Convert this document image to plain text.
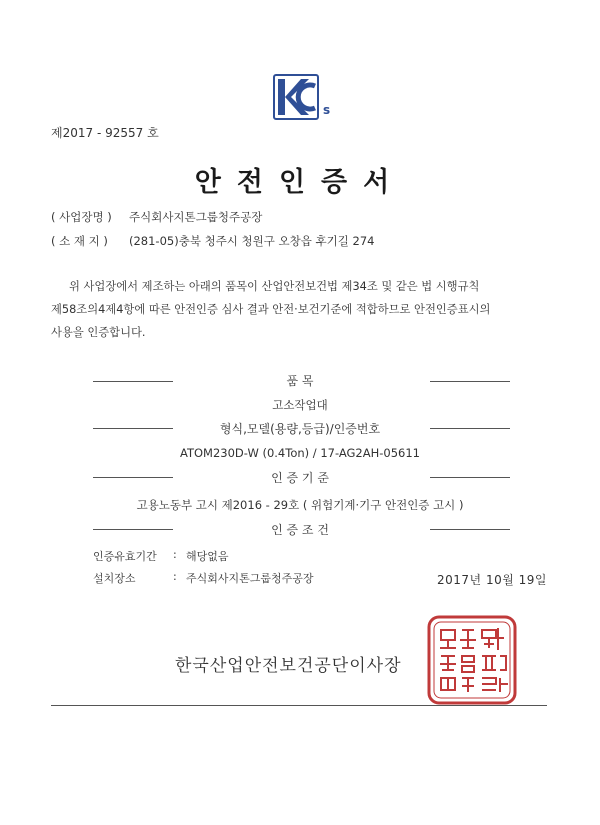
s
제2017 - 92557 호
안전인증서
( 사업장명 ) 주식회사지톤그룹청주공장
( 소 재 지 ) (281-05)충북 청주시 청원구 오창읍 후기길 274

위 사업장에서 제조하는 아래의 품목이 산업안전보건법 제34조 및 같은 법 시행규칙

제58조의4제4항에 따른 안전인증 심사 결과 안전·보건기준에 적합하므로 안전인증표시의

사용을 인증합니다.

품 목
고소작업대
형식,모델(용량,등급)/인증번호
ATOM230D-W (0.4Ton) / 17-AG2AH-05611
인 증 기 준
고용노동부 고시 제2016 - 29호 ( 위험기계·기구 안전인증 고시 )
인 증 조 건
인증유효기간 : 해당없음
설치장소	: 주식회사지톤그룹청주공장	2017년 10월 19일
한국산업안전보건공단이사장
